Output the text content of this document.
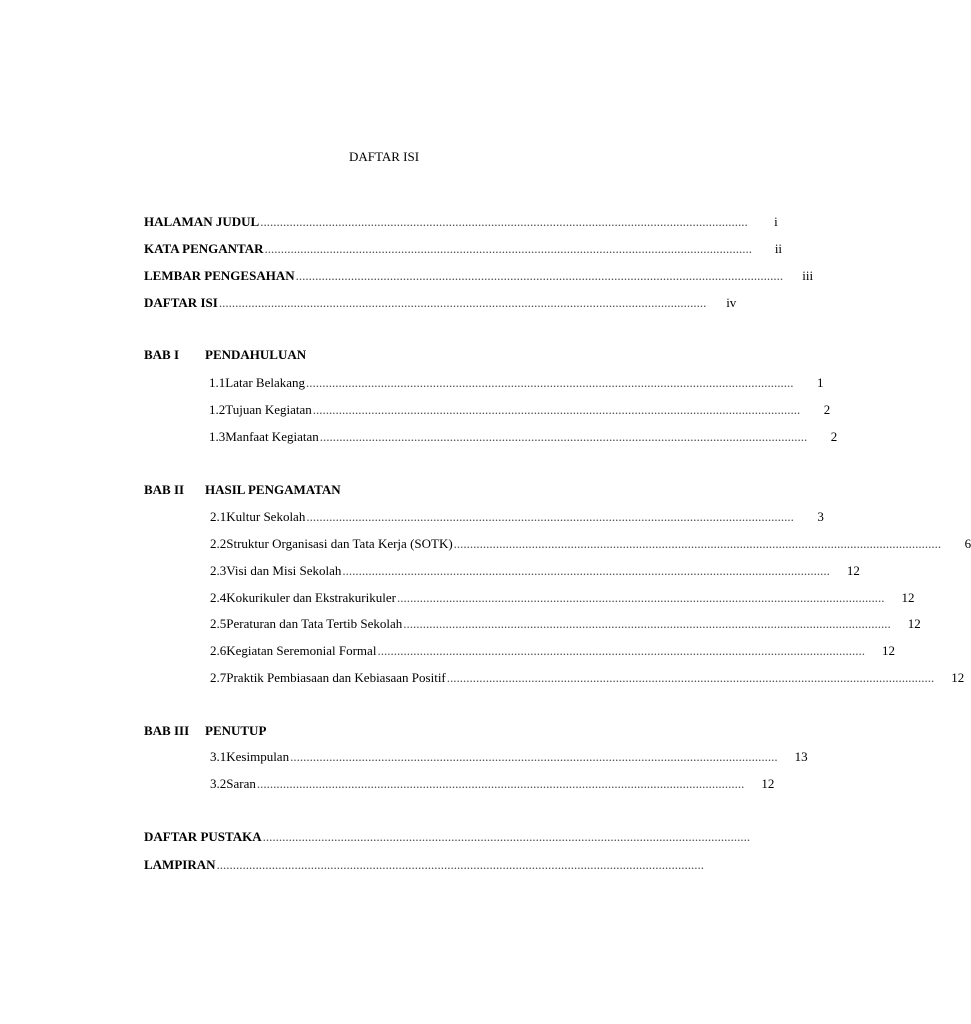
DAFTAR ISI
HALAMAN JUDUL ......................................................................................................................................................	i
KATA PENGANTAR ......................................................................................................................................................	ii
LEMBAR PENGESAHAN ......................................................................................................................................................	iii
DAFTAR ISI ......................................................................................................................................................	iv
BAB I PENDAHULUAN
1.1 Latar Belakang ......................................................................................................................................................	1
1.2 Tujuan Kegiatan ......................................................................................................................................................	2
1.3 Manfaat Kegiatan ......................................................................................................................................................	2
BAB II HASIL PENGAMATAN
2.1 Kultur Sekolah ......................................................................................................................................................	3
2.2 Struktur Organisasi dan Tata Kerja (SOTK) ......................................................................................................................................................	6
2.3 Visi dan Misi Sekolah ......................................................................................................................................................	12
2.4 Kokurikuler dan Ekstrakurikuler ......................................................................................................................................................	12
2.5 Peraturan dan Tata Tertib Sekolah ......................................................................................................................................................	12
2.6 Kegiatan Seremonial Formal ......................................................................................................................................................	12
2.7 Praktik Pembiasaan dan Kebiasaan Positif ......................................................................................................................................................	12
BAB III PENUTUP
3.1 Kesimpulan ......................................................................................................................................................	13
3.2 Saran ......................................................................................................................................................	12
DAFTAR PUSTAKA ......................................................................................................................................................
LAMPIRAN ......................................................................................................................................................
